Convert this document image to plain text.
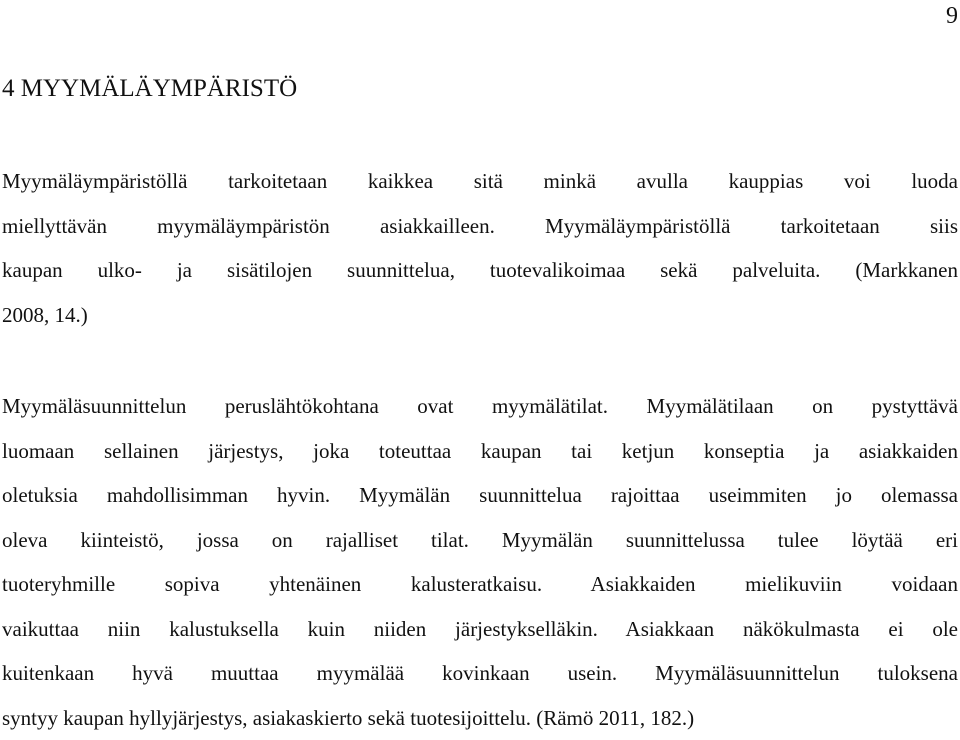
9
4 MYYMÄLÄYMPÄRISTÖ
Myymäläympäristöllä tarkoitetaan kaikkea sitä minkä avulla kauppias voi luoda
miellyttävän myymäläympäristön asiakkailleen. Myymäläympäristöllä tarkoitetaan siis
kaupan ulko- ja sisätilojen suunnittelua, tuotevalikoimaa sekä palveluita. (Markkanen
2008, 14.)
Myymäläsuunnittelun peruslähtökohtana ovat myymälätilat. Myymälätilaan on pystyttävä
luomaan sellainen järjestys, joka toteuttaa kaupan tai ketjun konseptia ja asiakkaiden
oletuksia mahdollisimman hyvin. Myymälän suunnittelua rajoittaa useimmiten jo olemassa
oleva kiinteistö, jossa on rajalliset tilat. Myymälän suunnittelussa tulee löytää eri
tuoteryhmille sopiva yhtenäinen kalusteratkaisu. Asiakkaiden mielikuviin voidaan
vaikuttaa niin kalustuksella kuin niiden järjestykselläkin. Asiakkaan näkökulmasta ei ole
kuitenkaan hyvä muuttaa myymälää kovinkaan usein. Myymäläsuunnittelun tuloksena
syntyy kaupan hyllyjärjestys, asiakaskierto sekä tuotesijoittelu. (Rämö 2011, 182.)
